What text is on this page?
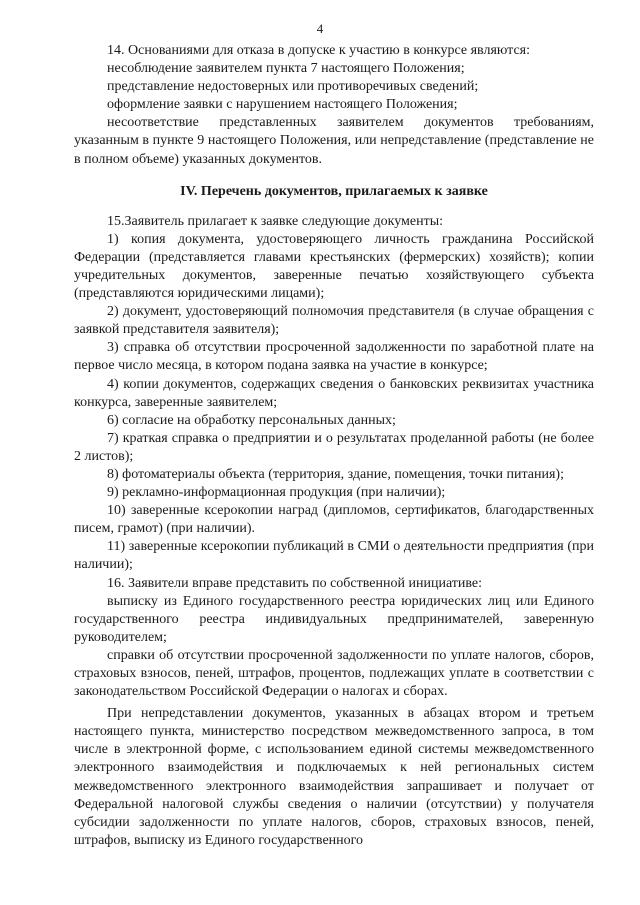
4

14. Основаниями для отказа в допуске к участию в конкурсе являются:

несоблюдение заявителем пункта 7 настоящего Положения;

представление недостоверных или противоречивых сведений;

оформление заявки с нарушением настоящего Положения;

несоответствие представленных заявителем документов требованиям, указанным в пункте 9 настоящего Положения, или непредставление (представление не в полном объеме) указанных документов.

IV. Перечень документов, прилагаемых к заявке

15.Заявитель прилагает к заявке следующие документы:

1) копия документа, удостоверяющего личность гражданина Российской Федерации (представляется главами крестьянских (фермерских) хозяйств); копии учредительных документов, заверенные печатью хозяйствующего субъекта (представляются юридическими лицами);

2) документ, удостоверяющий полномочия представителя (в случае обращения с заявкой представителя заявителя);

3) справка об отсутствии просроченной задолженности по заработной плате на первое число месяца, в котором подана заявка на участие в конкурсе;

4) копии документов, содержащих сведения о банковских реквизитах участника конкурса, заверенные заявителем;

6) согласие на обработку персональных данных;

7) краткая справка о предприятии и о результатах проделанной работы (не более 2 листов);

8) фотоматериалы объекта (территория, здание, помещения, точки питания);

9) рекламно-информационная продукция (при наличии);

10) заверенные ксерокопии наград (дипломов, сертификатов, благодарственных писем, грамот) (при наличии).

11) заверенные ксерокопии публикаций в СМИ о деятельности предприятия (при наличии);

16. Заявители вправе представить по собственной инициативе:

выписку из Единого государственного реестра юридических лиц или Единого государственного реестра индивидуальных предпринимателей, заверенную руководителем;

справки об отсутствии просроченной задолженности по уплате налогов, сборов, страховых взносов, пеней, штрафов, процентов, подлежащих уплате в соответствии с законодательством Российской Федерации о налогах и сборах.

При непредставлении документов, указанных в абзацах втором и третьем настоящего пункта, министерство посредством межведомственного запроса, в том числе в электронной форме, с использованием единой системы межведомственного электронного взаимодействия и подключаемых к ней региональных систем межведомственного электронного взаимодействия запрашивает и получает от Федеральной налоговой службы сведения о наличии (отсутствии) у получателя субсидии задолженности по уплате налогов, сборов, страховых взносов, пеней, штрафов, выписку из Единого государственного
